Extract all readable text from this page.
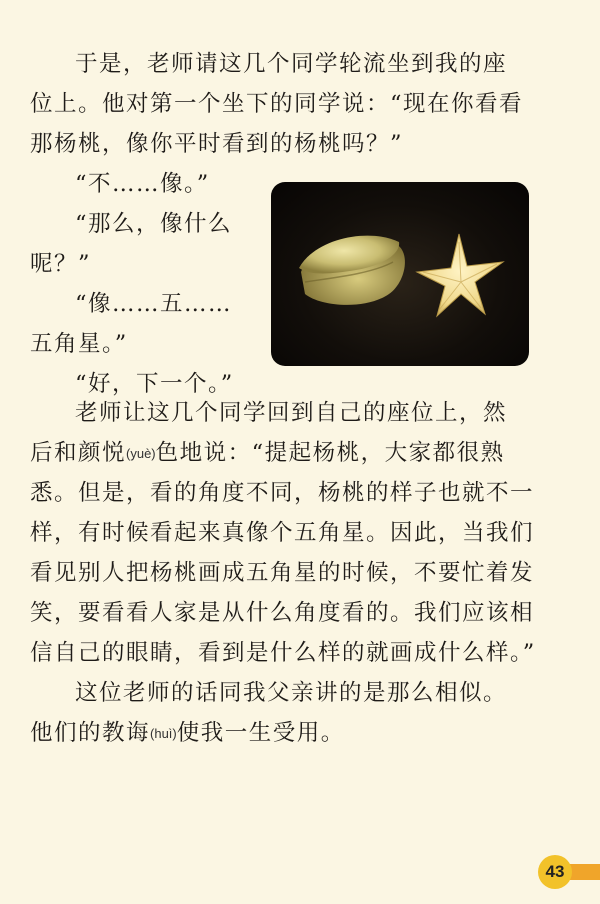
于是，老师请这几个同学轮流坐到我的座
位上。他对第一个坐下的同学说：“现在你看看
那杨桃，像你平时看到的杨桃吗？”
“不……像。”
“那么，像什么
呢？”
“像……五……
五角星。”
“好，下一个。”
老师让这几个同学回到自己的座位上，然
后和颜悦(yuè)色地说：“提起杨桃，大家都很熟
悉。但是，看的角度不同，杨桃的样子也就不一
样，有时候看起来真像个五角星。因此，当我们
看见别人把杨桃画成五角星的时候，不要忙着发
笑，要看看人家是从什么角度看的。我们应该相
信自己的眼睛，看到是什么样的就画成什么样。”
这位老师的话同我父亲讲的是那么相似。
他们的教诲(huì)使我一生受用。
43
